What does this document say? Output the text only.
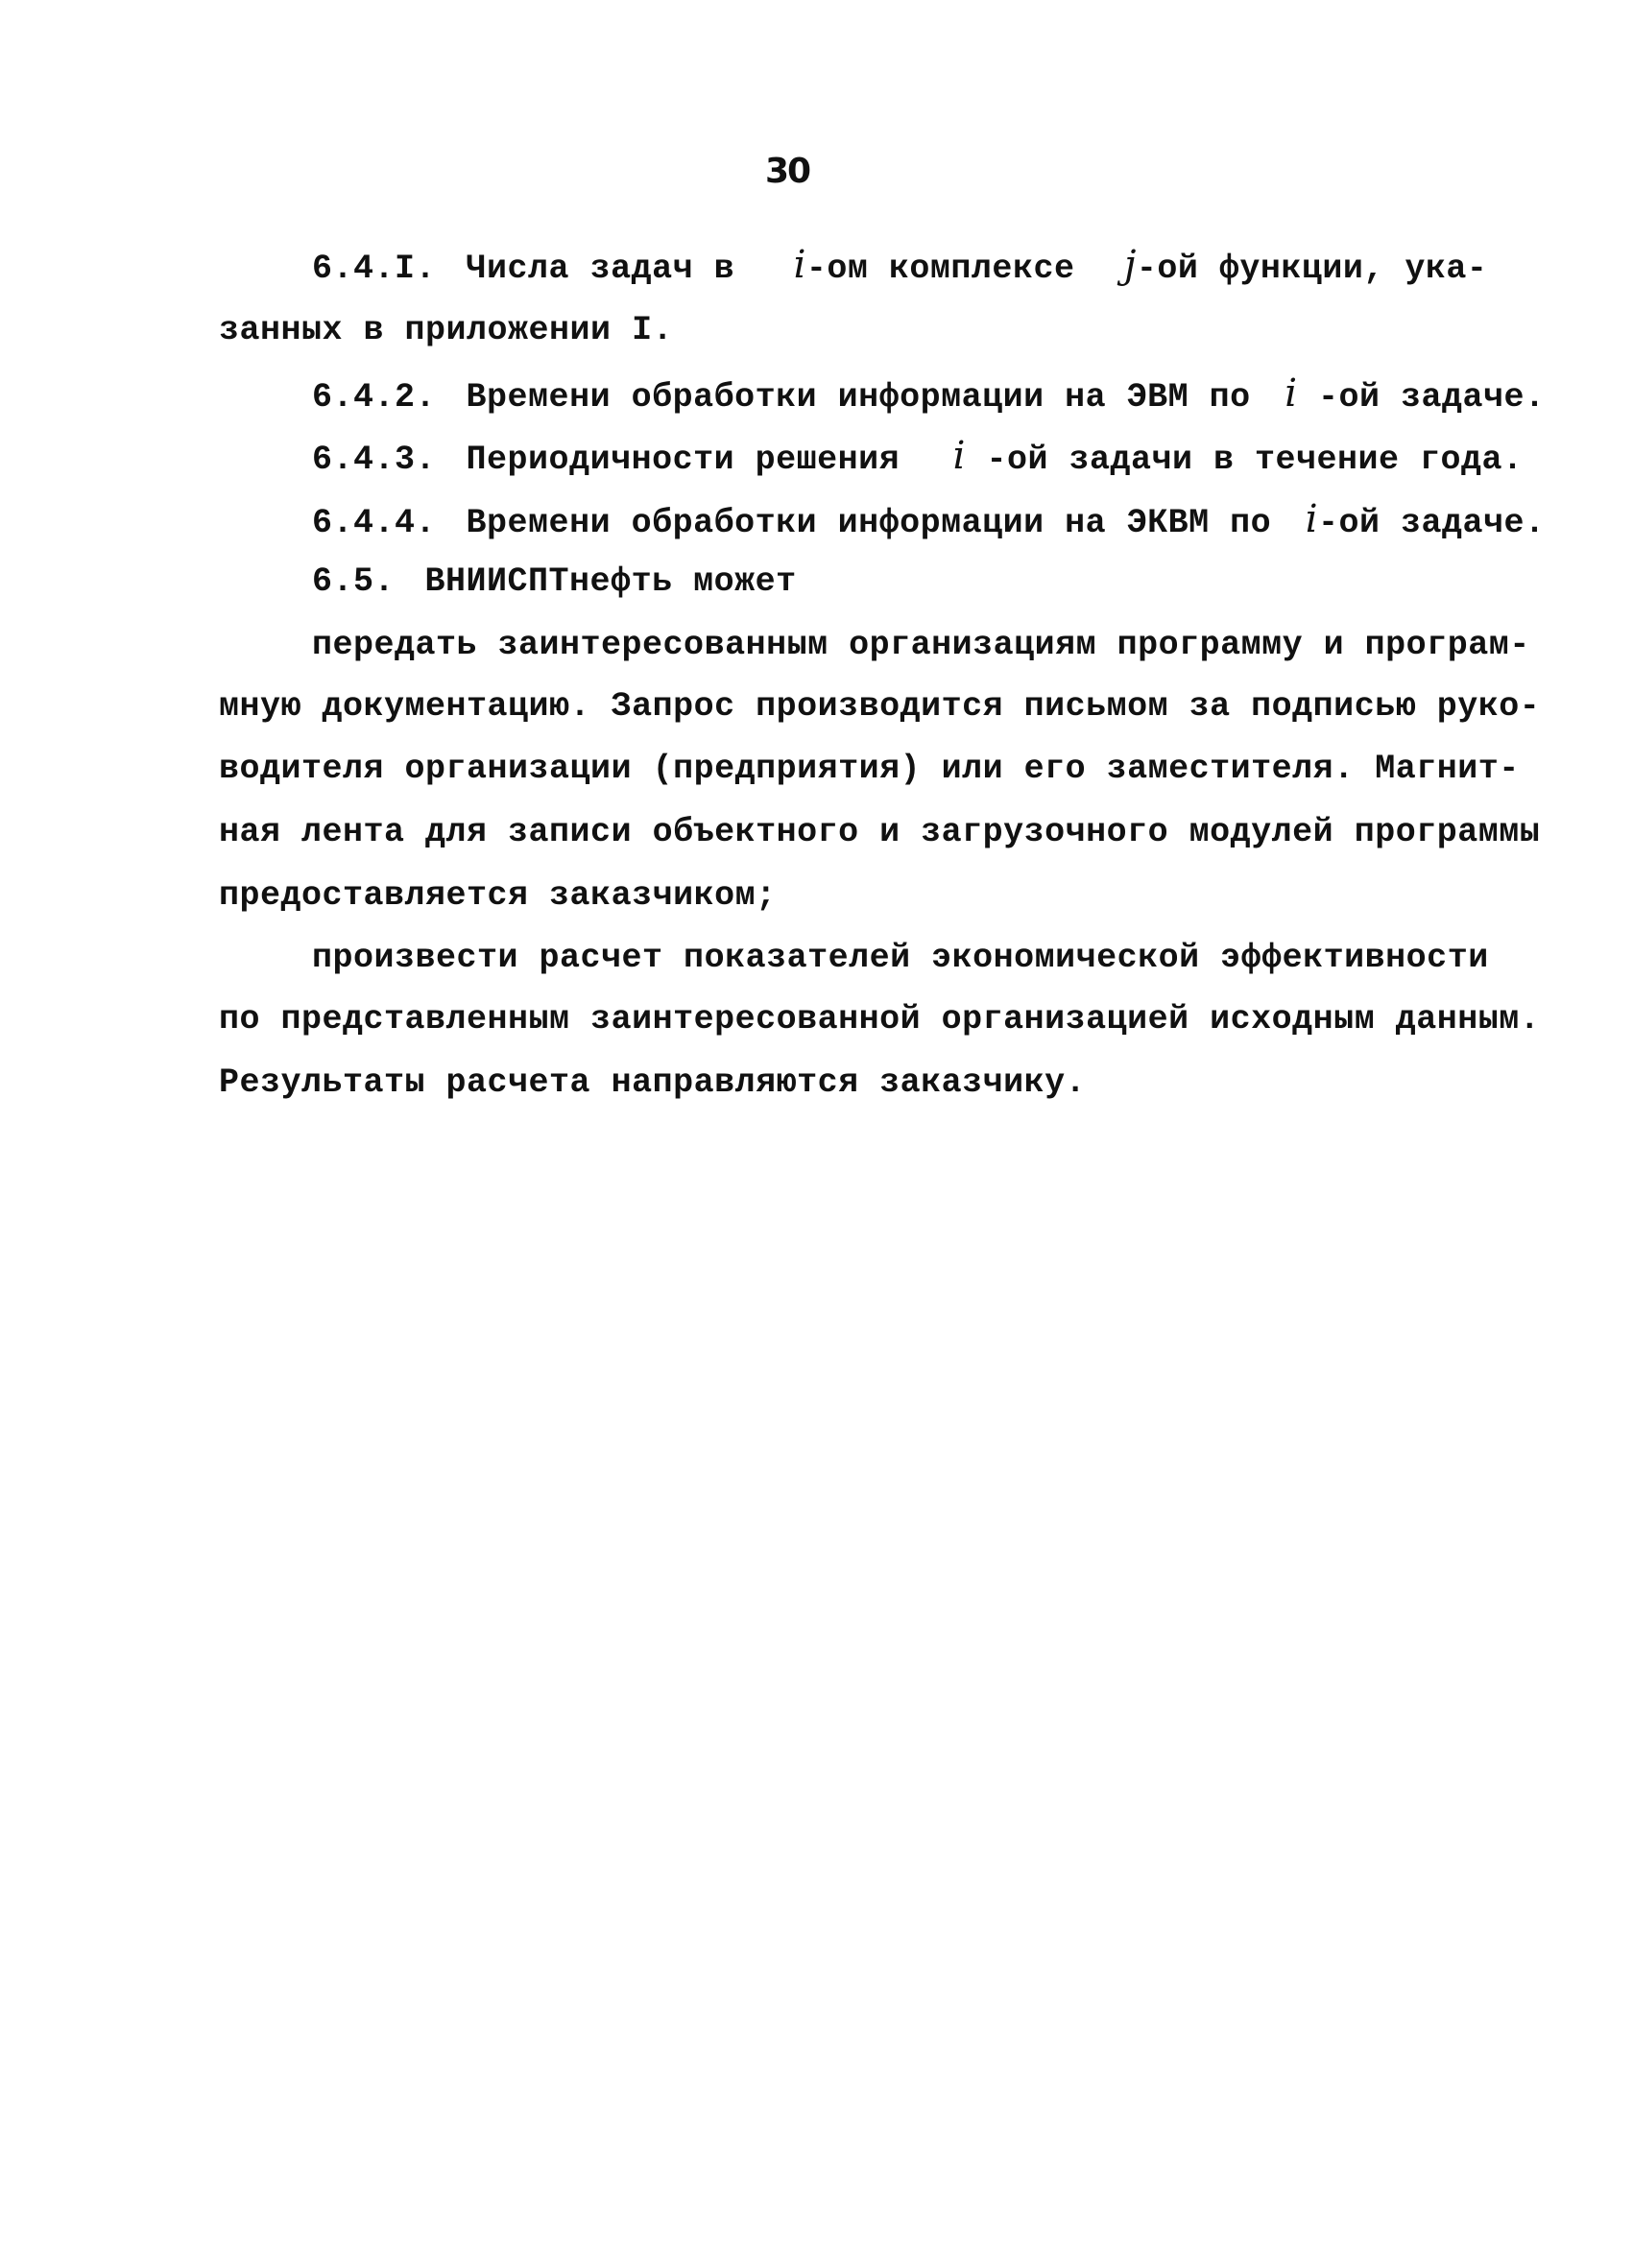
30
6.4.I. Числа задач в i-ом комплексе j-ой функции, ука-
занных в приложении I.
6.4.2. Времени обработки информации на ЭВМ по i -ой задаче.
6.4.3. Периодичности решения i -ой задачи в течение года.
6.4.4. Времени обработки информации на ЭКВМ по i-ой задаче.
6.5. ВНИИСПТнефть может
передать заинтересованным организациям программу и програм-
мную документацию. Запрос производится письмом за подписью руко-
водителя организации (предприятия) или его заместителя. Магнит-
ная лента для записи объектного и загрузочного модулей программы
предоставляется заказчиком;
произвести расчет показателей экономической эффективности
по представленным заинтересованной организацией исходным данным.
Результаты расчета направляются заказчику.
